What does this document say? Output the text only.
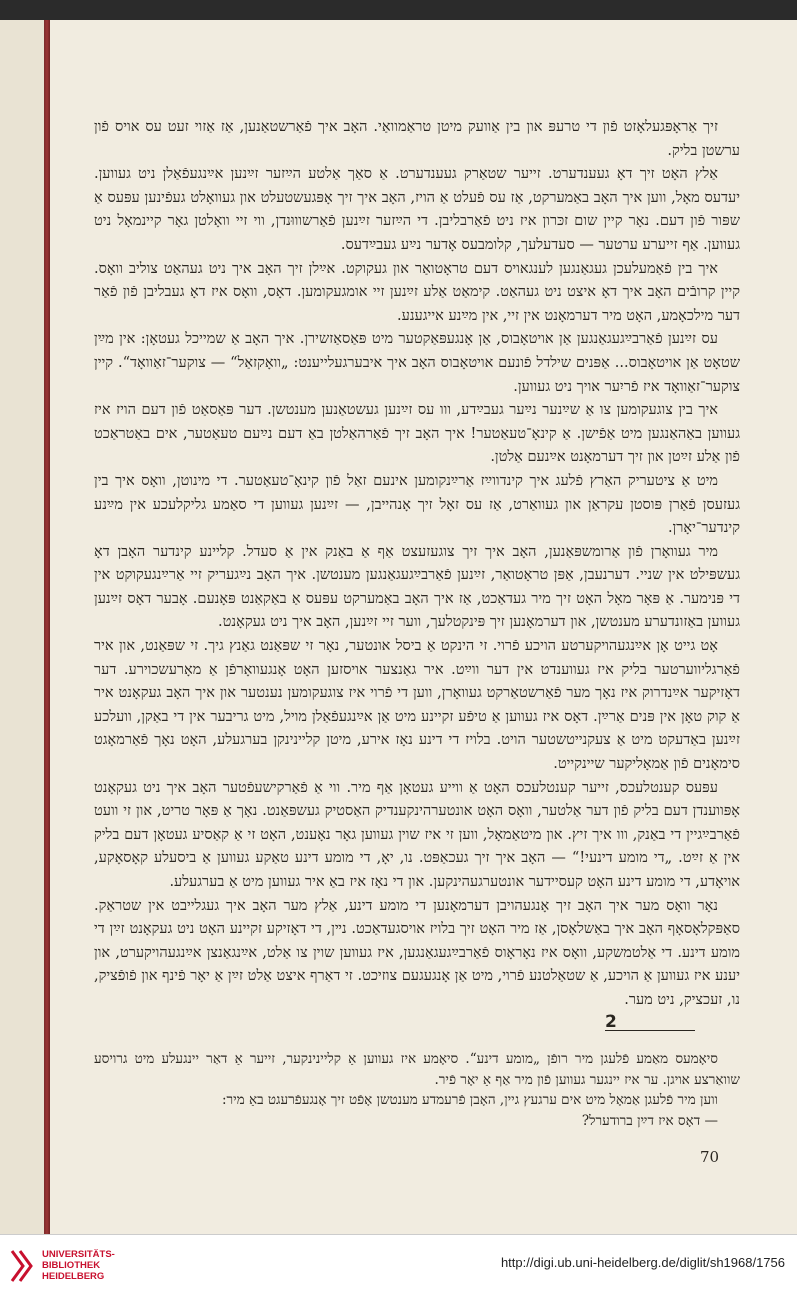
זיך אַראָפּגעלאָזט פֿון די טרעפּ און בין אַוועק מיטן טראַמוואַי. האָב איך פֿאַרשטאַנען, אַז אַזוי זעט עס אויס פֿון ערשטן בליק.

אַלץ האָט זיך דאָ געענדערט. זייער שטאַרק געענדערט. אַ סאַך אַלטע הײַזער זײַנען אײַנגעפֿאַלן ניט געווען. יעדעס מאָל, ווען איך האָב באַמערקט, אַז עס פֿעלט אַ הויז, האָב איך זיך אָפּגעשטעלט און געוואָלט געפֿינען עפּעס אַ שפּור פֿון דעם. נאָר קיין שום זכּרון איז ניט פֿאַרבליבן. די הײַזער זײַנען פֿאַרשוווּנדן, ווי זיי וואָלטן גאָר קיינמאָל ניט געווען. אַף זייערע ערטער — סעדעלעך, קלומבעס אָדער נײַע געבײַדעס.

איך בין פֿאַמעלעכן געגאַנגען לענגאויס דעם טראָטואַר און געקוקט. אײַלן זיך האָב איך ניט געהאַט צוליב וואָס. קיין קרובֿים האָב איך דאָ איצט ניט געהאַט. קימאַט אַלע זײַנען זיי אומגעקומען. דאָס, וואָס איז דאָ געבליבן פֿון פֿאַר דער מילכאָמע, האָט מיר דערמאָנט אין זיי, אין מײַנע אייגענע.

עס זײַנען פֿאַרבײַגעגאַנגען אַן אויטאָבוס, אַן אָנגעפּאַקטער מיט פּאַסאַזשירן. איך האָב אַ שמייכל געטאָן: אין מײַן שטאָט אַן אויטאָבוס... אַפּנים שילדל פֿונעם אויטאָבוס האָב איך איבערגעלייענט: „וואָקזאַל“ — צוקער־זאַוואָד“. קיין צוקער־זאַוואָד איז פֿריִער אויך ניט געווען.

איך בין צוגעקומען צו אַ שײַנער נײַער געבײַדע, ווו עס זײַנען געשטאַנען מענטשן. דער פּאַסאַט פֿון דעם הויז איז געווען באַהאַנגען מיט אַפֿישן. אַ קינאָ־טעאַטער! איך האָב זיך פֿאַרהאַלטן באַ דעם נײַעם טעאַטער, אים באַטראַכט פֿון אַלע זײַטן און זיך דערמאָנט אײַנעם אַלטן.

מיט אַ ציטעריק האַרץ פֿלעג איך קינדווײַז אַרײַנקומען אינעם זאַל פֿון קינאָ־טעאַטער. די מינוטן, וואָס איך בין געזעסן פֿאַרן פּוסטן עקראַן און געוואַרט, אַז עס זאָל זיך אָנהייבן, — זײַנען געווען די סאַמע גליקלעכע אין מײַנע קינדער־יאָרן.

מיר געוואָרן פֿון אַרומשפּאַנען, האָב איך זיך צוגעזעצט אַף אַ באַנק אין אַ סעדל. קליינע קינדער האָבן דאָ געשפּילט אין שניי. דערנעבן, אַפּן טראָטואַר, זײַנען פֿאַרבײַגעגאַנגען מענטשן. איך האָב נײַגעריק זיי אַרײַנגעקוקט אין די פּנימער. אַ פּאָר מאָל האָט זיך מיר געדאַכט, אַז איך האָב באַמערקט עפּעס אַ באַקאַנט פּאָנעם. אָבער דאָס זײַנען געווען באַזונדערע מענטשן, און דערמאָנען זיך פּינקטלעך, ווער זיי זײַנען, האָב איך ניט געקאָנט.

אָט גייט אָן אײַנגעהויקערטע הויכע פֿרוי. זי הינקט אַ ביסל אונטער, נאָר זי שפּאַנט גאַנץ גיך. זי שפּאַנט, און איר פֿאַרגליווערטער בליק איז געווענדט אין דער ווײַט. איר גאַנצער אויסזען האָט אָנגעוואָרפֿן אַ מאָרעשכוירע. דער דאָזיקער אײַנדרוק איז נאָך מער פֿאַרשטאַרקט געוואָרן, ווען די פֿרוי איז צוגעקומען נענטער און איך האָב געקאָנט איר אַ קוק טאָן אין פּנים אַרײַן. דאָס איז געווען אַ טיפֿע זקיינע מיט אַן אײַנגעפֿאַלן מויל, מיט גריבער אין די באַקן, וועלכע זײַנען באַדעקט מיט אַ צעקנייטשטער הויט. בלויז די דינע נאָז אירע, מיטן קליינינקן בערגעלע, האָט נאָך פֿאַרמאָגט סימאָנים פֿון אַמאָליקער שיינקייט.

עפּעס קענטלעכס, זייער קענטלעכס האָט אַ ווייע געטאָן אַף מיר. ווי אַ פֿאַרקישעפֿטער האָב איך ניט געקאָנט אָפּווענדן דעם בליק פֿון דער אַלטער, וואָס האָט אונטערהינקענדיק האַסטיק געשפּאַנט. נאָך אַ פּאָר טריט, און זי וועט פֿאַרבײַגיין די באַנק, ווו איך זיץ. און מיטאַמאָל, ווען זי איז שוין געווען גאָר נאָענט, האָט זי אַ קאַסיע געטאָן דעם בליק אין אַ זײַט. „די מומע דינעי!“ — האָב איך זיך געכאַפּט. נו, יאָ, די מומע דינע טאַקע געווען אַ ביסעלע קאָסאָקע, אויאָדע, די מומע דינע האָט קעסיידער אונטערגעהינקען. און די נאָז איז באַ איר געווען מיט אַ בערגעלע.

נאָר וואָס מער איך האָב זיך אָנגעהויבן דערמאָנען די מומע דינע, אַלץ מער האָב איך געגלייבט אין שטראַק. סאַפּקלאָסאָף האָב איך באַשלאָסן, אַז מיר האָט זיך בלויז אויסגעדאַכט. נײן, די דאָזיקע זקיינע האָט ניט געקאָנט זײַן די מומע דינע. די אַלטמשקע, וואָס איז נאָראָוס פֿאַרבײַגעגאַנגען, איז געווען שוין צו אַלט, אײַנגאַנצן אײַנגעהויקערט, און יענע איז געווען אַ הויכע, אַ שטאַלטנע פֿרוי, מיט אַן אָנגעגעם צוזיכט. זי דאַרף איצט אַלט זײַן אַ יאָר פֿינף און פֿופֿציק, נו, זעכציק, ניט מער.

2

סיאָמעס מאַמע פֿלעגן מיר רופֿן „מומע דינע“. סיאָמע איז געווען אַ קליינינקער, זייער אַ דאַר יינגעלע מיט גרויסע שוואַרצע אויגן. ער איז יינגער געווען פֿון מיר אַף אַ יאָר פֿיר.

ווען מיר פֿלעגן אַמאָל מיט אים ערגעץ גיין, האָבן פֿרעמדע מענטשן אָפֿט זיך אָנגעפֿרעגט באַ מיר:

— דאָס איז דײַן ברודערל?

70
UNIVERSITÄTS-
BIBLIOTHEK
HEIDELBERG
http://digi.ub.uni-heidelberg.de/diglit/sh1968/1756
